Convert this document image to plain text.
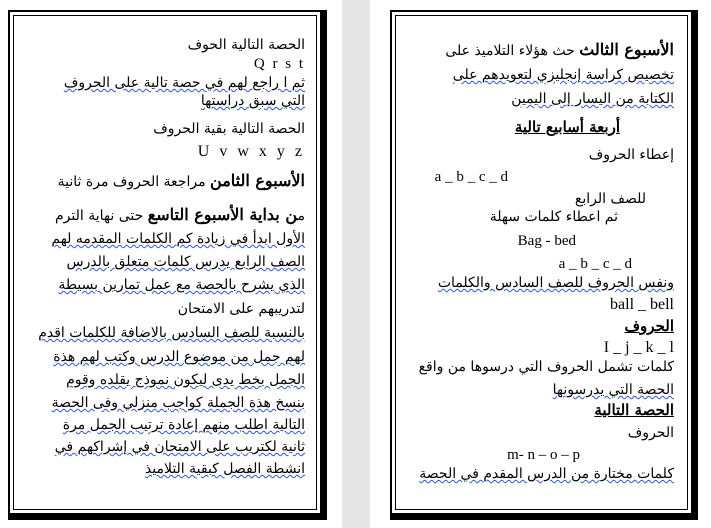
الحصة التالية الحوف
Q r s t
ثم ا راجع لهم في حصة تالية على الحروف
التي سبق دراستها
الحصة التالية بقية الحروف
U v w x y z
الأسبوع الثامن مراجعة الحروف مرة ثانية
من بداية الأسبوع التاسع حتى نهاية الترم
الأول ابدأ في زيادة كم الكلمات المقدمه لهم
الصف الرابع يدرس كلمات متعلق بالدرس
الذي يشرح بالحصة مع عمل تمارين بسيطة
لتدريبهم على الامتحان
بالنسبة للصف السادس بالاضافة للكلمات اقدم
لهم جمل من موضوع الدرس وكتب لهم هذة
الجمل بخط يدى ليكون نموذج يقلده وقوم
بنسخ هذة الجملة كواجب منزلي وفى الحصة
التالية اطلب منهم إعادة ترتيب الجمل مرة
ثانية لكتريب على الامتحان في إشراكهم في
انشطة الفصل كبقية التلاميذ
الأسبوع الثالث حث هؤلاء التلاميذ على
تخصيص كراسة إنجليزي لتعويدهم على
الكتابة من اليسار إلى اليمين
أربعة أسابيع تالية
إعطاء الحروف
a _ b _ c _ d
للصف الرابع
ثم اعطاء كلمات سهلة
Bag - bed
a _ b _ c _ d
ونفس الحروف للصف السادس والكلمات
ball _ bell
الحروف
I _ j _ k _ l
كلمات تشمل الحروف التي درسوها من واقع
الحصة التي يدرسونها
الحصة التالية
الحروف
m- n – o – p
كلمات مختارة من الدرس المقدم في الحصة
